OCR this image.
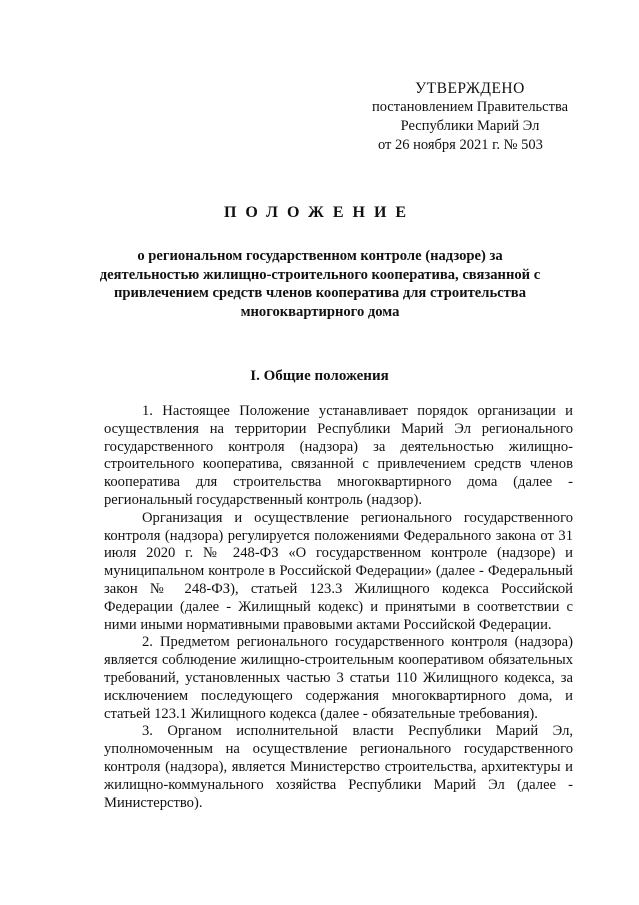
УТВЕРЖДЕНО
постановлением Правительства
Республики Марий Эл
от 26 ноября 2021 г. № 503
ПОЛОЖЕНИЕ
о региональном государственном контроле (надзоре) за деятельностью жилищно-строительного кооператива, связанной с привлечением средств членов кооператива для строительства многоквартирного дома
I. Общие положения

1. Настоящее Положение устанавливает порядок организации и осуществления на территории Республики Марий Эл регионального государственного контроля (надзора) за деятельностью жилищно-строительного кооператива, связанной с привлечением средств членов кооператива для строительства многоквартирного дома (далее - региональный государственный контроль (надзор).

Организация и осуществление регионального государственного контроля (надзора) регулируется положениями Федерального закона от 31 июля 2020 г. № 248-ФЗ «О государственном контроле (надзоре) и муниципальном контроле в Российской Федерации» (далее - Федеральный закон № 248-ФЗ), статьей 123.3 Жилищного кодекса Российской Федерации (далее - Жилищный кодекс) и принятыми в соответствии с ними иными нормативными правовыми актами Российской Федерации.

2. Предметом регионального государственного контроля (надзора) является соблюдение жилищно-строительным кооперативом обязательных требований, установленных частью 3 статьи 110 Жилищного кодекса, за исключением последующего содержания многоквартирного дома, и статьей 123.1 Жилищного кодекса (далее - обязательные требования).

3. Органом исполнительной власти Республики Марий Эл, уполномоченным на осуществление регионального государственного контроля (надзора), является Министерство строительства, архитектуры и жилищно-коммунального хозяйства Республики Марий Эл (далее - Министерство).
